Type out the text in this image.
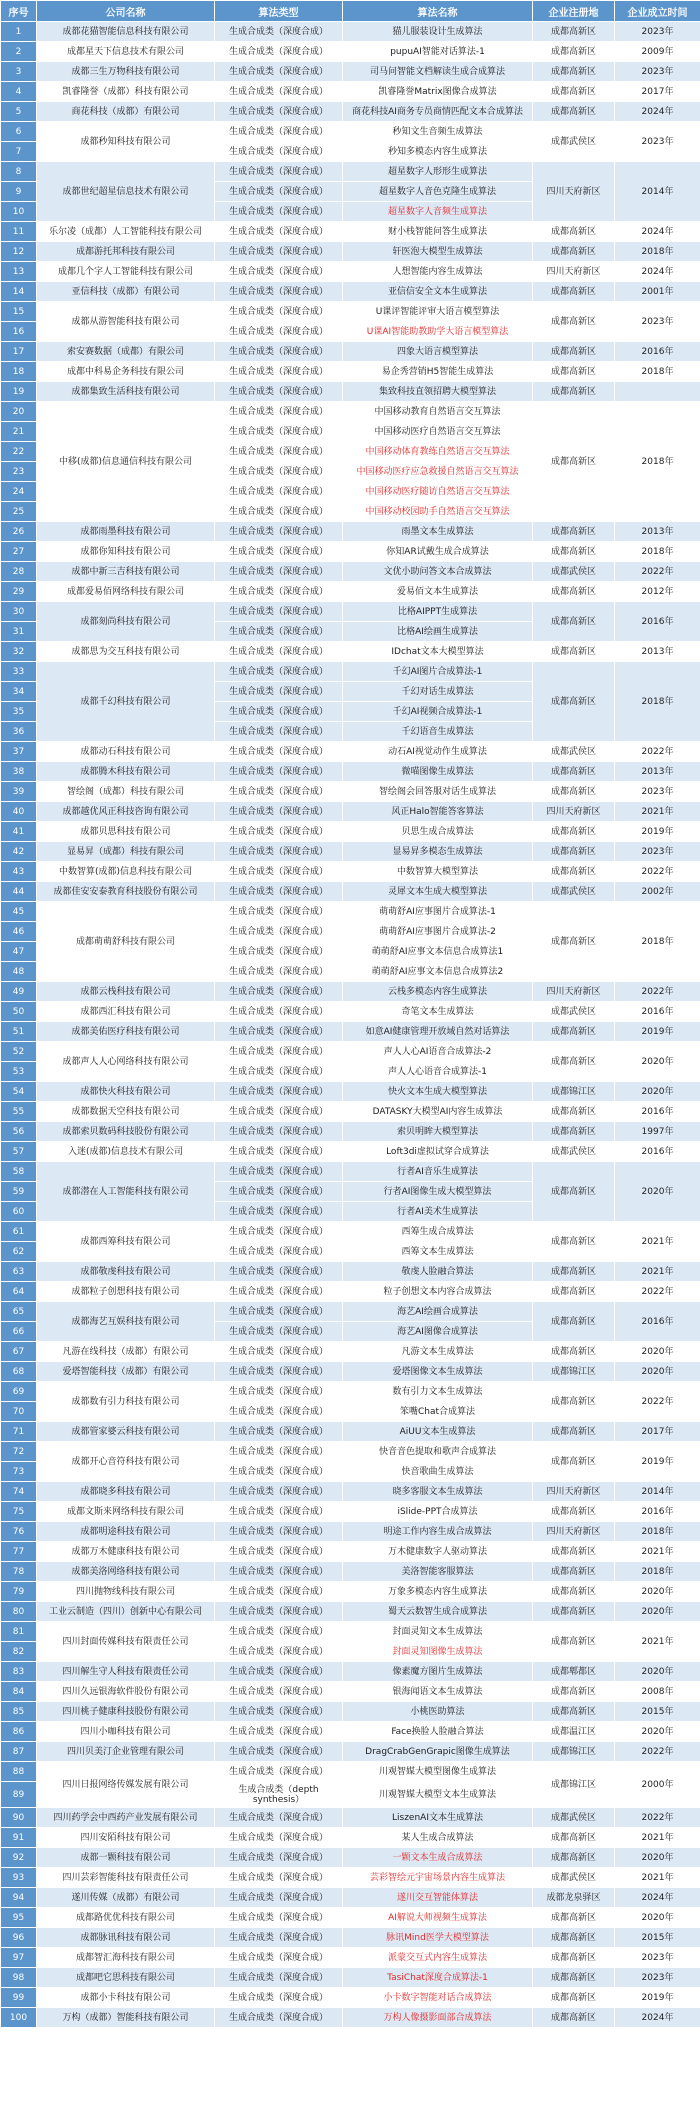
序号	公司名称	算法类型	算法名称	企业注册地	企业成立时间
1	成都花猫智能信息科技有限公司	生成合成类（深度合成）	猫儿服装设计生成算法	成都高新区	2023年
2	成都星天下信息技术有限公司	生成合成类（深度合成）	pupuAI智能对话算法-1	成都高新区	2009年
3	成都三生万物科技有限公司	生成合成类（深度合成）	司马问智能文档解读生成合成算法	成都高新区	2023年
4	凯睿隆誉（成都）科技有限公司	生成合成类（深度合成）	凯睿隆誉Matrix图像合成算法	成都高新区	2017年
5	商花科技（成都）有限公司	生成合成类（深度合成）	商花科技AI商务专员商情匹配文本合成算法	成都高新区	2024年
6	成都秒知科技有限公司	生成合成类（深度合成）	秒知文生音频生成算法	成都武侯区	2023年
7		生成合成类（深度合成）	秒知多模态内容生成算法		
8	成都世纪超星信息技术有限公司	生成合成类（深度合成）	超星数字人形形生成算法	四川天府新区	2014年
9		生成合成类（深度合成）	超星数字人音色克隆生成算法		
10		生成合成类（深度合成）	超星数字人音频生成算法		
11	乐尔凌（成都）人工智能科技有限公司	生成合成类（深度合成）	财小栈智能问答生成算法	成都高新区	2024年
12	成都游托邦科技有限公司	生成合成类（深度合成）	轩医泡大模型生成算法	成都高新区	2018年
13	成都几个字人工智能科技有限公司	生成合成类（深度合成）	人想智能内容生成算法	四川天府新区	2024年
14	亚信科技（成都）有限公司	生成合成类（深度合成）	亚信信安全文本生成算法	成都高新区	2001年
15	成都从游智能科技有限公司	生成合成类（深度合成）	U课评智能评审大语言模型算法	成都高新区	2023年
16		生成合成类（深度合成）	U课AI智能助教助学大语言模型算法		
17	索安赛数据（成都）有限公司	生成合成类（深度合成）	四象大语言模型算法	成都高新区	2016年
18	成都中科易企务科技有限公司	生成合成类（深度合成）	易企秀营销H5智能生成算法	成都高新区	2018年
19	成都集致生活科技有限公司	生成合成类（深度合成）	集致科技直领招聘大模型算法	成都高新区	
20	中移(成都)信息通信科技有限公司	生成合成类（深度合成）	中国移动教育自然语言交互算法	成都高新区	2018年
21		生成合成类（深度合成）	中国移动医疗自然语言交互算法		
22		生成合成类（深度合成）	中国移动体育教练自然语言交互算法		
23		生成合成类（深度合成）	中国移动医疗应急救援自然语言交互算法		
24		生成合成类（深度合成）	中国移动医疗随访自然语言交互算法		
25		生成合成类（深度合成）	中国移动校园助手自然语言交互算法		
26	成都雨墨科技有限公司	生成合成类（深度合成）	雨墨文本生成算法	成都高新区	2013年
27	成都你知科技有限公司	生成合成类（深度合成）	你知AR试戴生成合成算法	成都高新区	2018年
28	成都中新三吉科技有限公司	生成合成类（深度合成）	文优小助问答文本合成算法	成都武侯区	2022年
29	成都爱易佰网络科技有限公司	生成合成类（深度合成）	爱易佰文本生成算法	成都高新区	2012年
30	成都刻尚科技有限公司	生成合成类（深度合成）	比格AIPPT生成算法	成都高新区	2016年
31		生成合成类（深度合成）	比格AI绘画生成算法		
32	成都思为交互科技有限公司	生成合成类（深度合成）	IDchat文本大模型算法	成都高新区	2013年
33	成都千幻科技有限公司	生成合成类（深度合成）	千幻AI图片合成算法-1	成都高新区	2018年
34		生成合成类（深度合成）	千幻对话生成算法		
35		生成合成类（深度合成）	千幻AI视频合成算法-1		
36		生成合成类（深度合成）	千幻语音生成算法		
37	成都动石科技有限公司	生成合成类（深度合成）	动石AI视觉动作生成算法	成都武侯区	2022年
38	成都腾木科技有限公司	生成合成类（深度合成）	微喵图像生成算法	成都高新区	2013年
39	智绘阁（成都）科技有限公司	生成合成类（深度合成）	智绘阁会回答服对话生成算法	成都高新区	2023年
40	成都越优风正科技咨询有限公司	生成合成类（深度合成）	风正Halo智能答客算法	四川天府新区	2021年
41	成都贝思科技有限公司	生成合成类（深度合成）	贝思生成合成算法	成都高新区	2019年
42	显易昇（成都）科技有限公司	生成合成类（深度合成）	显易昇多模态生成算法	成都高新区	2023年
43	中数智算(成都)信息科技有限公司	生成合成类（深度合成）	中数智算大模型算法	成都高新区	2022年
44	成都佳安安泰教育科技股份有限公司	生成合成类（深度合成）	灵犀文本生成大模型算法	成都武侯区	2002年
45	成都萌萌舒科技有限公司	生成合成类（深度合成）	萌萌舒AI应事图片合成算法-1	成都高新区	2018年
46		生成合成类（深度合成）	萌萌舒AI应事图片合成算法-2		
47		生成合成类（深度合成）	萌萌舒AI应事文本信息合成算法1		
48		生成合成类（深度合成）	萌萌舒AI应事文本信息合成算法2		
49	成都云栈科技有限公司	生成合成类（深度合成）	云栈多模态内容生成算法	四川天府新区	2022年
50	成都西汇科技有限公司	生成合成类（深度合成）	奇笔文本生成算法	成都武侯区	2016年
51	成都美佑医疗科技有限公司	生成合成类（深度合成）	如意AI健康管理开放域自然对话算法	成都高新区	2019年
52	成都声人人心网络科技有限公司	生成合成类（深度合成）	声人人心AI语音合成算法-2	成都高新区	2020年
53		生成合成类（深度合成）	声人人心语音合成算法-1		
54	成都快火科技有限公司	生成合成类（深度合成）	快火文本生成大模型算法	成都锦江区	2020年
55	成都数据天空科技有限公司	生成合成类（深度合成）	DATASKY大模型AI内容生成算法	成都高新区	2016年
56	成都索贝数码科技股份有限公司	生成合成类（深度合成）	索贝明眸大模型算法	成都高新区	1997年
57	入迷(成都)信息技术有限公司	生成合成类（深度合成）	Loft3di虚拟试穿合成算法	成都武侯区	2016年
58	成都潜在人工智能科技有限公司	生成合成类（深度合成）	行者AI音乐生成算法	成都高新区	2020年
59		生成合成类（深度合成）	行者AI图像生成大模型算法		
60		生成合成类（深度合成）	行者AI美术生成算法		
61	成都西筹科技有限公司	生成合成类（深度合成）	西筹生成合成算法	成都高新区	2021年
62		生成合成类（深度合成）	西筹文本生成算法		
63	成都敬虔科技有限公司	生成合成类（深度合成）	敬虔人脸融合算法	成都高新区	2021年
64	成都粒子创想科技有限公司	生成合成类（深度合成）	粒子创想文本内容合成算法	成都高新区	2022年
65	成都海艺互娱科技有限公司	生成合成类（深度合成）	海艺AI绘画合成算法	成都高新区	2016年
66		生成合成类（深度合成）	海艺AI图像合成算法		
67	凡游在线科技（成都）有限公司	生成合成类（深度合成）	凡游文本生成算法	成都高新区	2020年
68	爱塔智能科技（成都）有限公司	生成合成类（深度合成）	爱塔图像文本生成算法	成都锦江区	2020年
69	成都数有引力科技有限公司	生成合成类（深度合成）	数有引力文本生成算法	成都高新区	2022年
70		生成合成类（深度合成）	笨嘴Chat合成算法		
71	成都管家婆云科技有限公司	生成合成类（深度合成）	AiUU文本生成算法	成都高新区	2017年
72	成都开心音符科技有限公司	生成合成类（深度合成）	快音音色提取和歌声合成算法	成都高新区	2019年
73		生成合成类（深度合成）	快音歌曲生成算法		
74	成都晓多科技有限公司	生成合成类（深度合成）	晓多客服文本生成算法	四川天府新区	2014年
75	成都文斯来网络科技有限公司	生成合成类（深度合成）	iSlide-PPT合成算法	成都高新区	2016年
76	成都明途科技有限公司	生成合成类（深度合成）	明途工作内容生成合成算法	四川天府新区	2018年
77	成都万木健康科技有限公司	生成合成类（深度合成）	万木健康数字人驱动算法	成都高新区	2021年
78	成都美洛网络科技有限公司	生成合成类（深度合成）	美洛智能客服算法	成都高新区	2018年
79	四川抛物线科技有限公司	生成合成类（深度合成）	万象多模态内容生成算法	成都高新区	2020年
80	工业云制造（四川）创新中心有限公司	生成合成类（深度合成）	蜀天云数智生成合成算法	成都高新区	2020年
81	四川封面传媒科技有限责任公司	生成合成类（深度合成）	封面灵知文本生成算法	成都高新区	2021年
82		生成合成类（深度合成）	封面灵知图像生成算法		
83	四川解生守人科技有限责任公司	生成合成类（深度合成）	像素魔方图片生成算法	成都郫都区	2020年
84	四川久远银海软件股份有限公司	生成合成类（深度合成）	银海闻语文本生成算法	成都高新区	2008年
85	四川桃子健康科技股份有限公司	生成合成类（深度合成）	小桃医助算法	成都高新区	2015年
86	四川小咖科技有限公司	生成合成类（深度合成）	Face换脸人脸融合算法	成都温江区	2020年
87	四川贝美汀企业管理有限公司	生成合成类（深度合成）	DragCrabGenGrapic图像生成算法	成都锦江区	2022年
88	四川日报网络传媒发展有限公司	生成合成类（深度合成）	川观智媒大模型图像生成算法	成都锦江区	2000年
89		生成合成类（depth synthesis）	川观智媒大模型文本生成算法		
90	四川药学会中西药产业发展有限公司	生成合成类（深度合成）	LiszenAI文本生成算法	成都武侯区	2022年
91	四川安陌科技有限公司	生成合成类（深度合成）	某人生成合成算法	成都高新区	2021年
92	成都一颗科技有限公司	生成合成类（深度合成）	一颗文本生成合成算法	成都高新区	2020年
93	四川芸彩智能科技有限责任公司	生成合成类（深度合成）	芸彩智绘元宇宙场景内容生成算法	成都武侯区	2021年
94	遂川传媒（成都）有限公司	生成合成类（深度合成）	遂川交互智能体算法	成都龙泉驿区	2024年
95	成都路优优科技有限公司	生成合成类（深度合成）	AI解说大师视频生成算法	成都高新区	2020年
96	成都脉讯科技有限公司	生成合成类（深度合成）	脉讯Mind医学大模型算法	成都高新区	2015年
97	成都智汇海科技有限公司	生成合成类（深度合成）	派蒙交互式内容生成算法	成都高新区	2023年
98	成都吧它思科技有限公司	生成合成类（深度合成）	TasiChat深度合成算法-1	成都高新区	2023年
99	成都小卡科技有限公司	生成合成类（深度合成）	小卡数字智能对话合成算法	成都高新区	2019年
100	万构（成都）智能科技有限公司	生成合成类（深度合成）	万构人像摄影面部合成算法	成都高新区	2024年
